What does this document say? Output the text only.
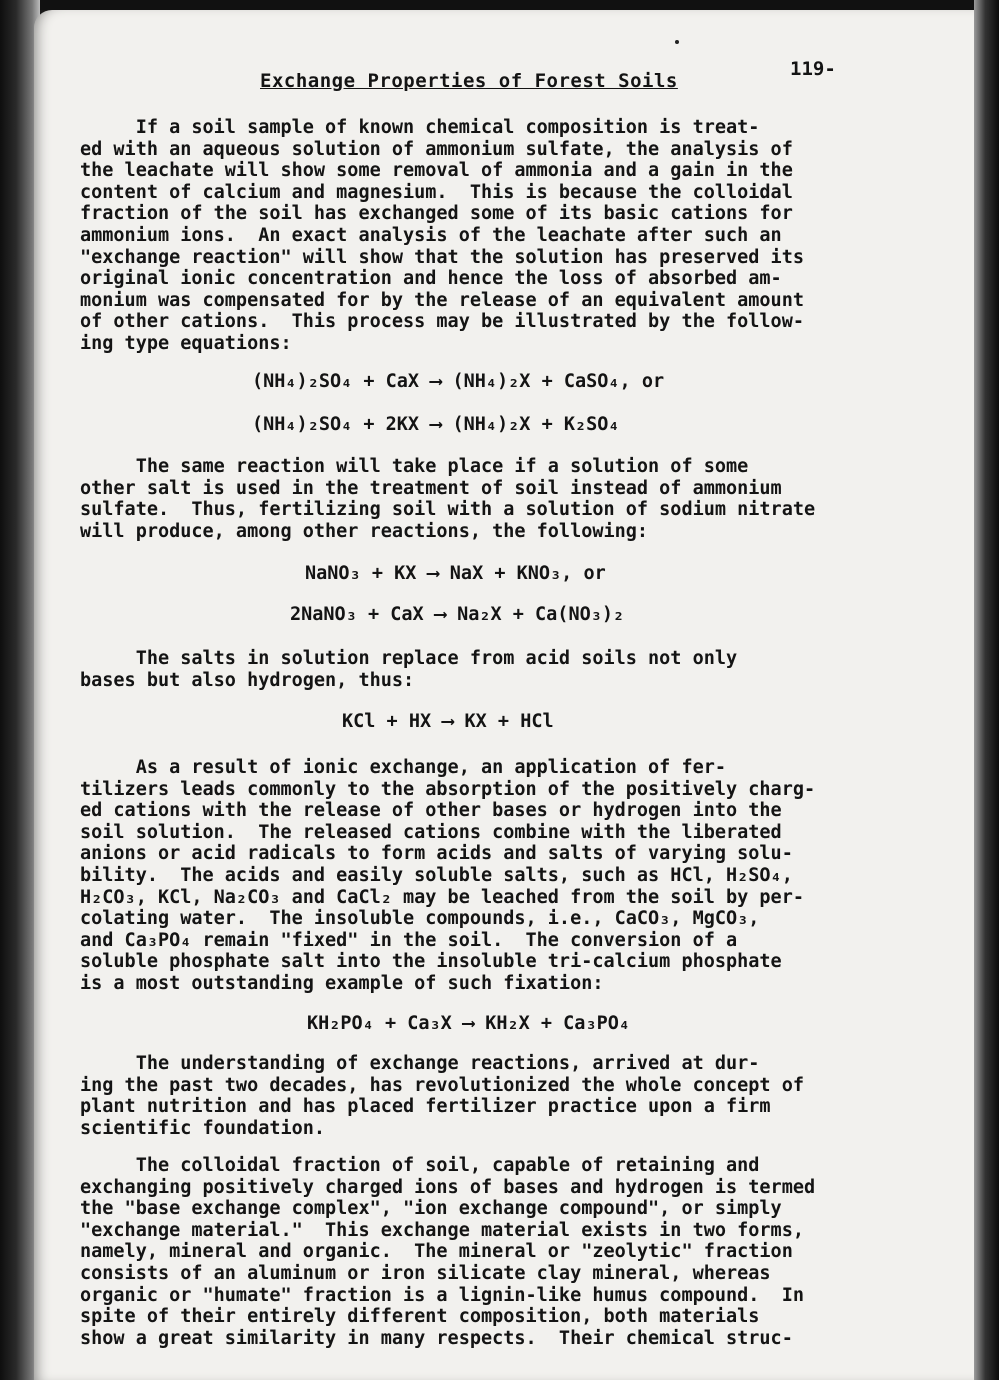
119-
Exchange Properties of Forest Soils
If a soil sample of known chemical composition is treat-
ed with an aqueous solution of ammonium sulfate, the analysis of
the leachate will show some removal of ammonia and a gain in the
content of calcium and magnesium.  This is because the colloidal
fraction of the soil has exchanged some of its basic cations for
ammonium ions.  An exact analysis of the leachate after such an
"exchange reaction" will show that the solution has preserved its
original ionic concentration and hence the loss of absorbed am-
monium was compensated for by the release of an equivalent amount
of other cations.  This process may be illustrated by the follow-
ing type equations:
(NH₄)₂SO₄ + CaX ⟶ (NH₄)₂X + CaSO₄, or
(NH₄)₂SO₄ + 2KX ⟶ (NH₄)₂X + K₂SO₄
The same reaction will take place if a solution of some
other salt is used in the treatment of soil instead of ammonium
sulfate.  Thus, fertilizing soil with a solution of sodium nitrate
will produce, among other reactions, the following:
NaNO₃ + KX ⟶ NaX + KNO₃, or
2NaNO₃ + CaX ⟶ Na₂X + Ca(NO₃)₂
The salts in solution replace from acid soils not only
bases but also hydrogen, thus:
KCl + HX ⟶ KX + HCl
As a result of ionic exchange, an application of fer-
tilizers leads commonly to the absorption of the positively charg-
ed cations with the release of other bases or hydrogen into the
soil solution.  The released cations combine with the liberated
anions or acid radicals to form acids and salts of varying solu-
bility.  The acids and easily soluble salts, such as HCl, H₂SO₄,
H₂CO₃, KCl, Na₂CO₃ and CaCl₂ may be leached from the soil by per-
colating water.  The insoluble compounds, i.e., CaCO₃, MgCO₃,
and Ca₃PO₄ remain "fixed" in the soil.  The conversion of a
soluble phosphate salt into the insoluble tri-calcium phosphate
is a most outstanding example of such fixation:
KH₂PO₄ + Ca₃X ⟶ KH₂X + Ca₃PO₄
The understanding of exchange reactions, arrived at dur-
ing the past two decades, has revolutionized the whole concept of
plant nutrition and has placed fertilizer practice upon a firm
scientific foundation.
The colloidal fraction of soil, capable of retaining and
exchanging positively charged ions of bases and hydrogen is termed
the "base exchange complex", "ion exchange compound", or simply
"exchange material."  This exchange material exists in two forms,
namely, mineral and organic.  The mineral or "zeolytic" fraction
consists of an aluminum or iron silicate clay mineral, whereas
organic or "humate" fraction is a lignin-like humus compound.  In
spite of their entirely different composition, both materials
show a great similarity in many respects.  Their chemical struc-
